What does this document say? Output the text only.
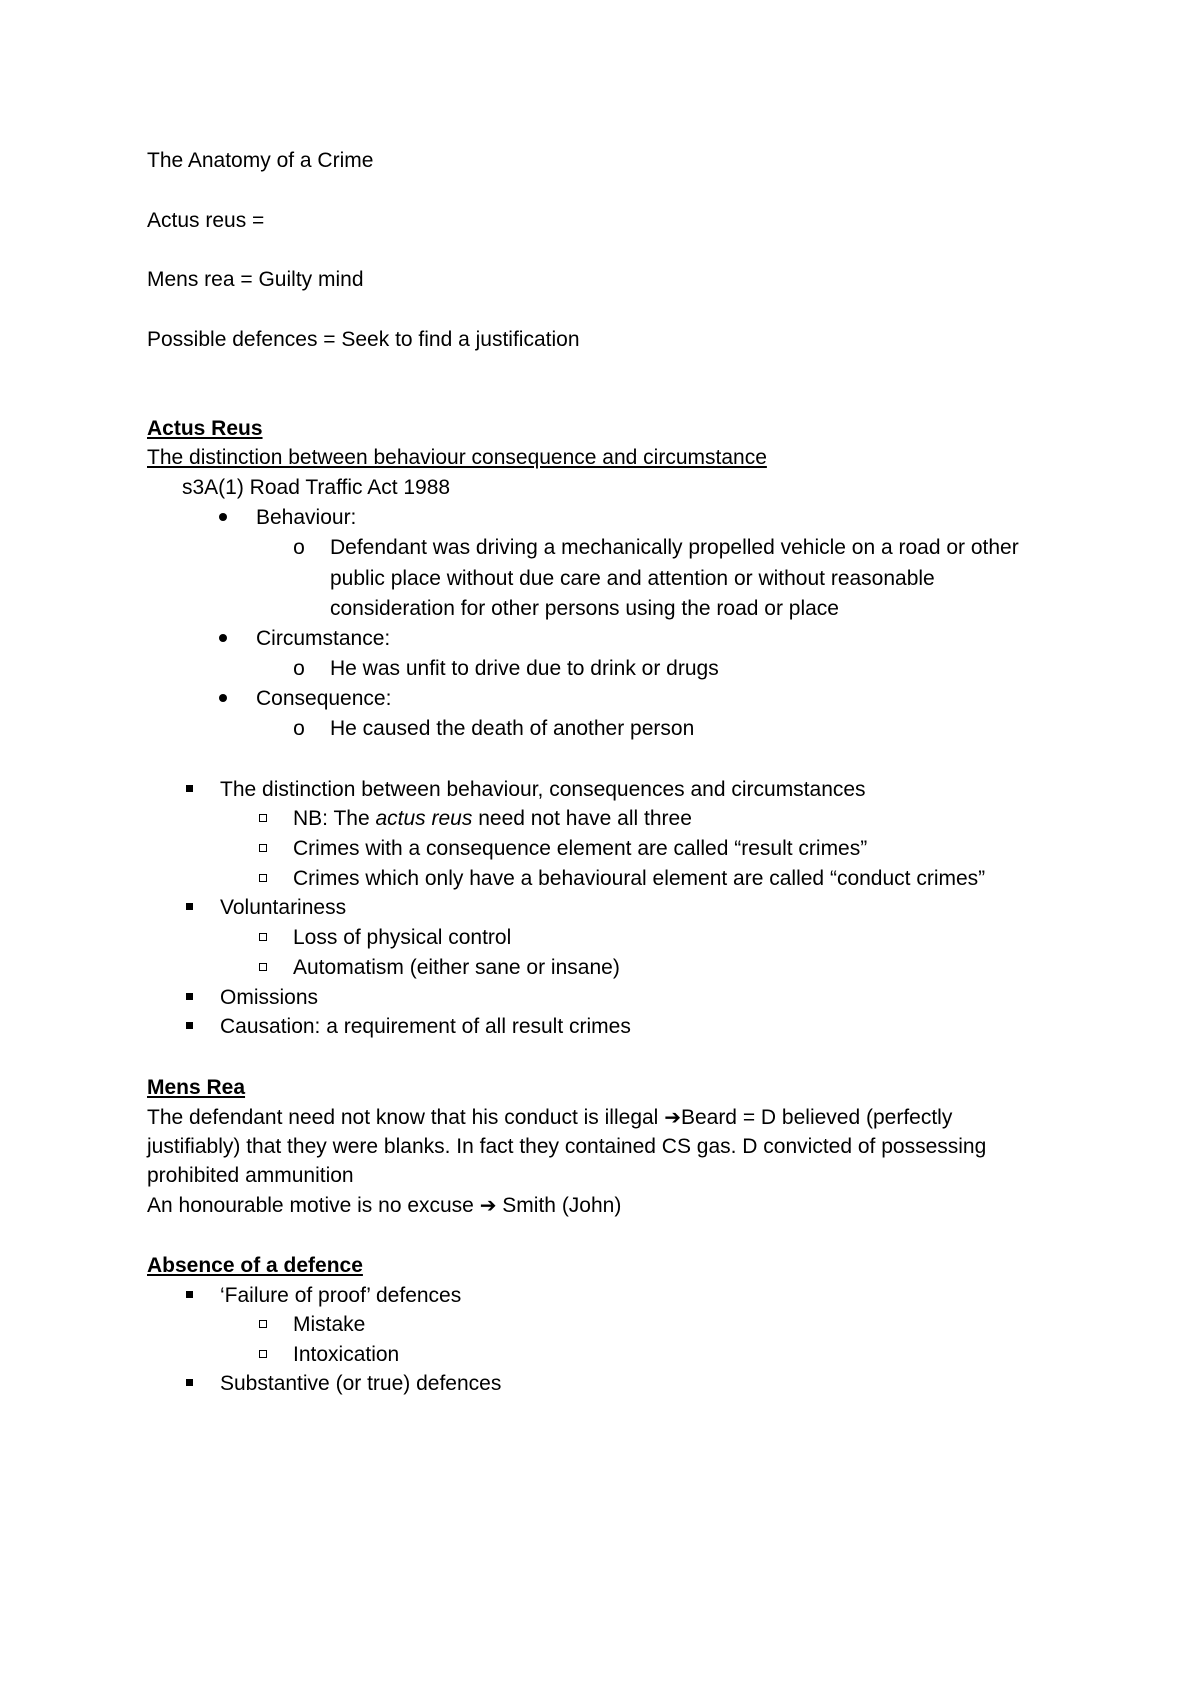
The Anatomy of a Crime
Actus reus =
Mens rea = Guilty mind
Possible defences = Seek to find a justification
Actus Reus
The distinction between behaviour consequence and circumstance
s3A(1) Road Traffic Act 1988
Behaviour:
o Defendant was driving a mechanically propelled vehicle on a road or other
public place without due care and attention or without reasonable
consideration for other persons using the road or place
Circumstance:
o He was unfit to drive due to drink or drugs
Consequence:
o He caused the death of another person
The distinction between behaviour, consequences and circumstances
NB: The actus reus need not have all three
Crimes with a consequence element are called “result crimes”
Crimes which only have a behavioural element are called “conduct crimes”
Voluntariness
Loss of physical control
Automatism (either sane or insane)
Omissions
Causation: a requirement of all result crimes
Mens Rea
The defendant need not know that his conduct is illegal ➔Beard = D believed (perfectly
justifiably) that they were blanks. In fact they contained CS gas. D convicted of possessing
prohibited ammunition
An honourable motive is no excuse ➔ Smith (John)
Absence of a defence
‘Failure of proof’ defences
Mistake
Intoxication
Substantive (or true) defences
